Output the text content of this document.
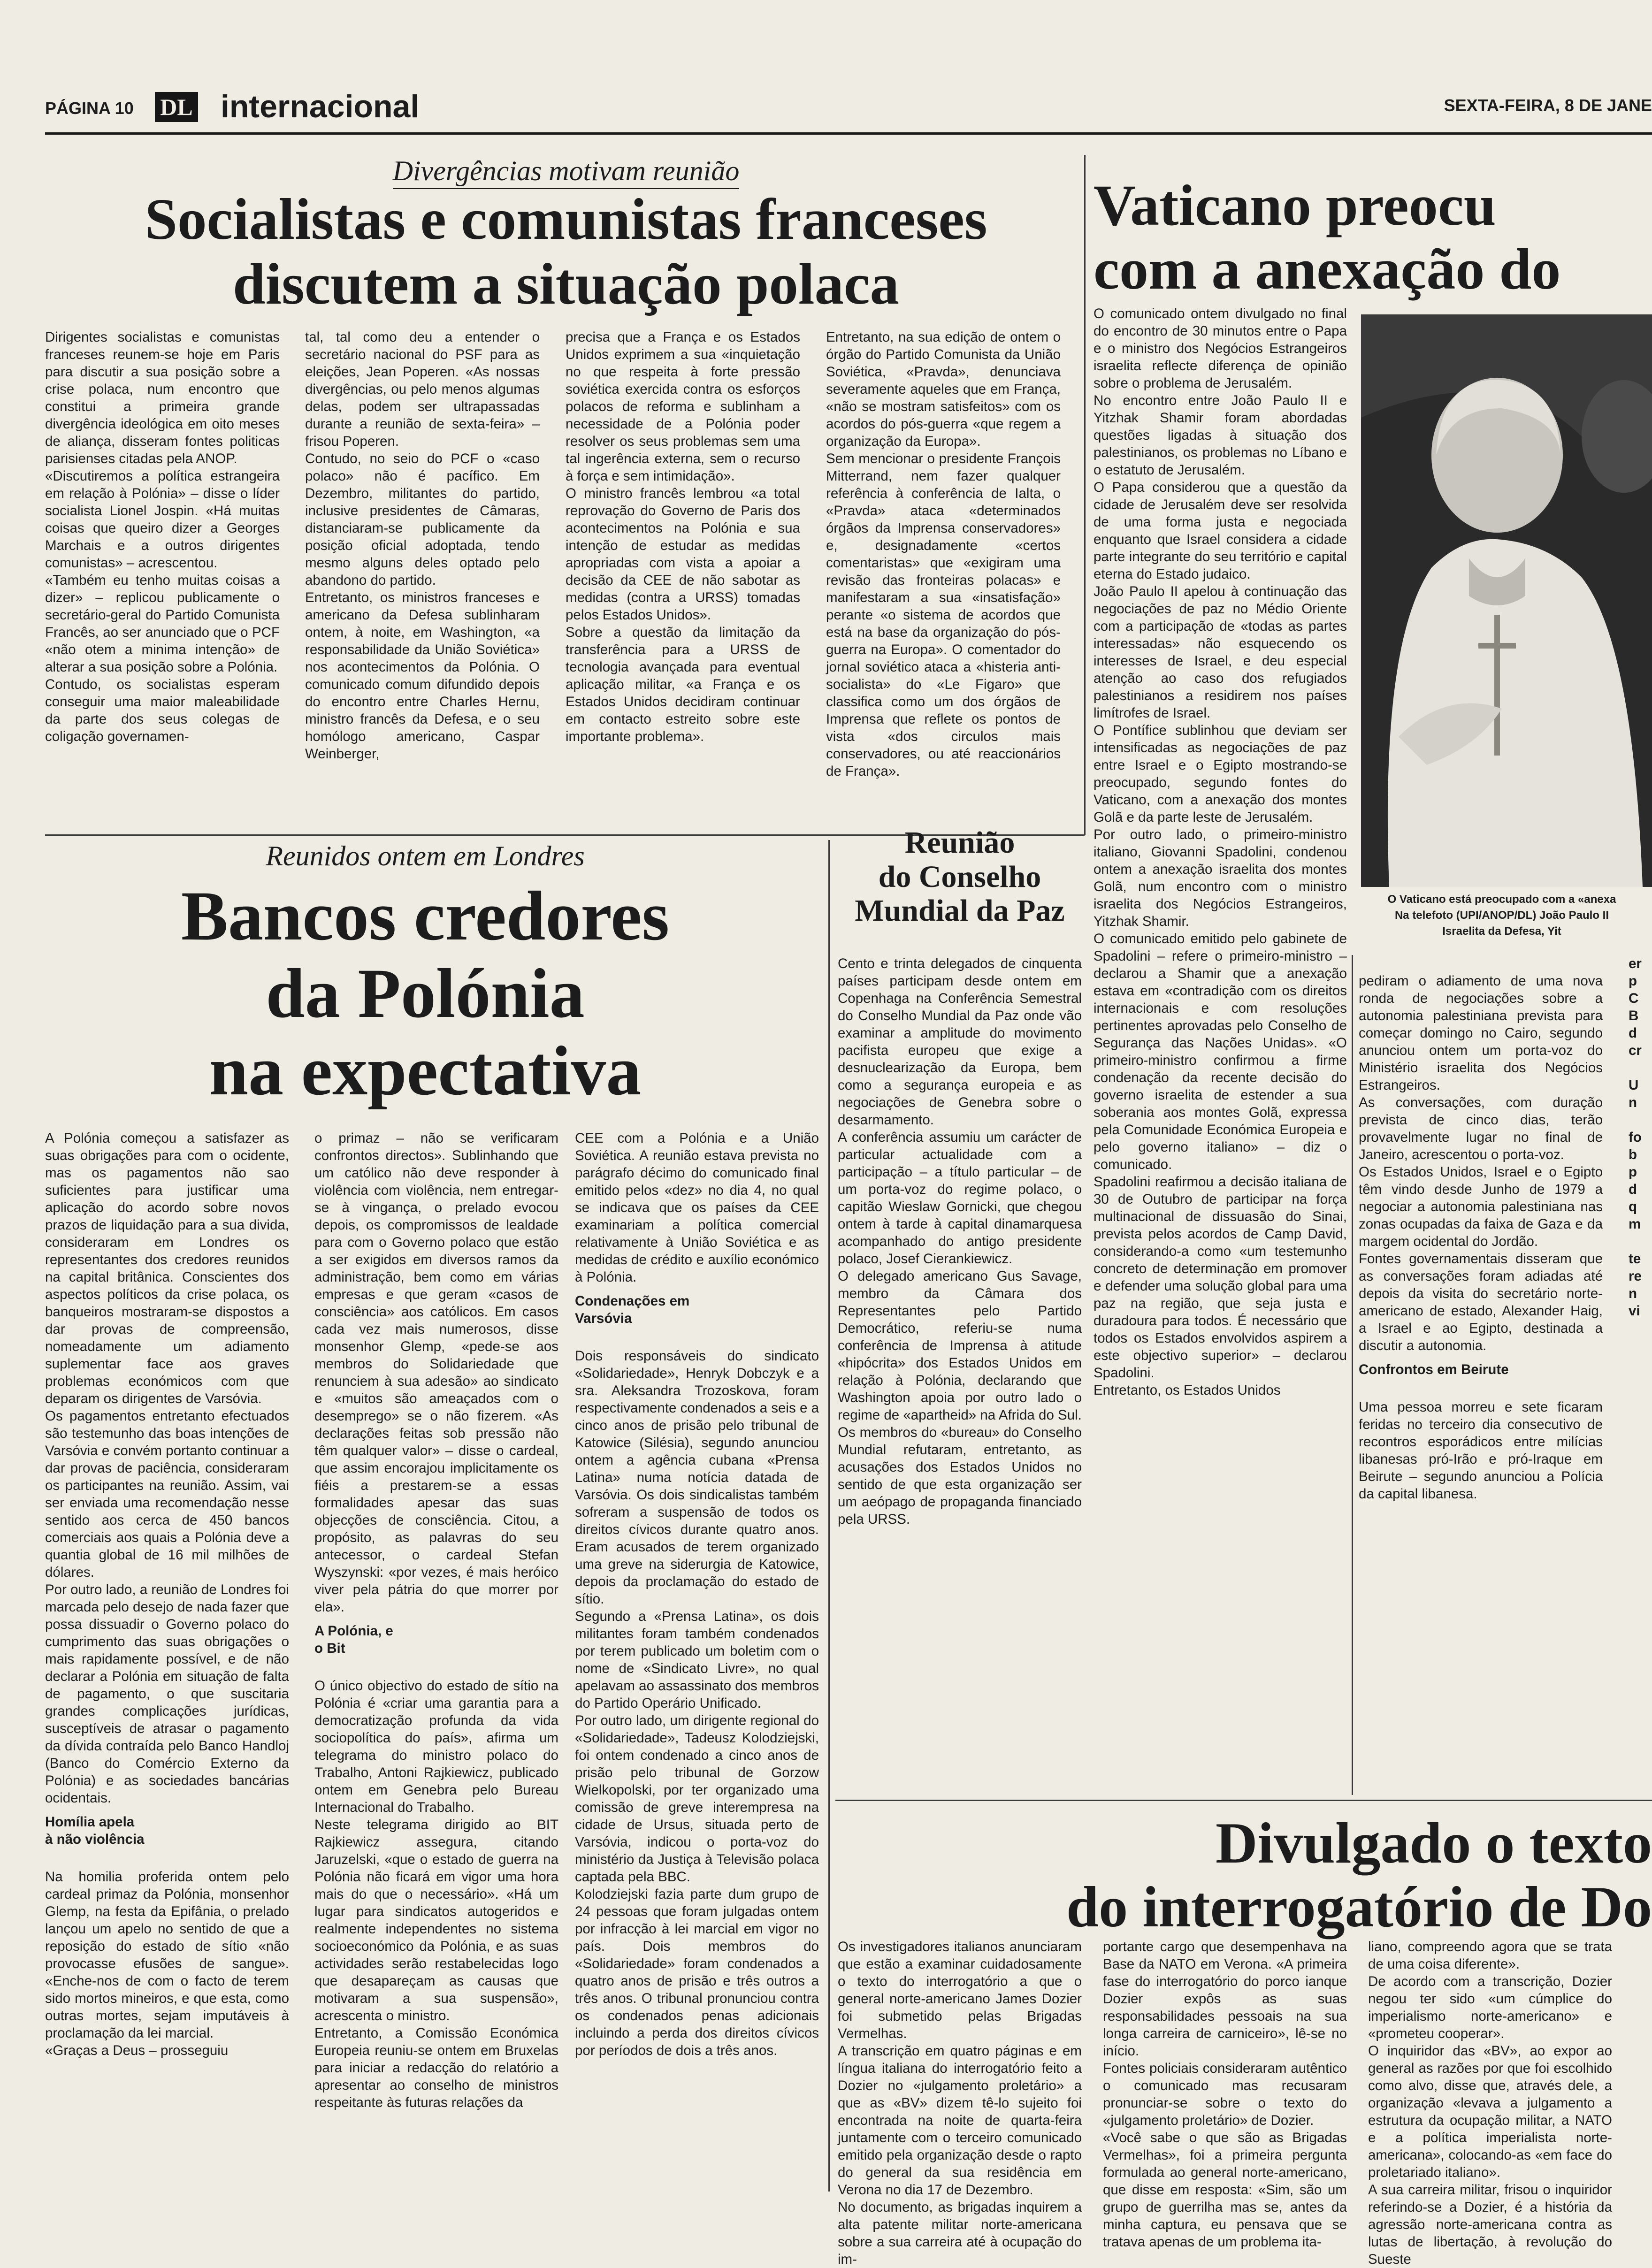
PÁGINA 10 DL internacional	SEXTA-FEIRA, 8 DE JANE
Divergências motivam reunião
Socialistas e comunistas franceses
discutem a situação polaca
Dirigentes socialistas e comunistas franceses reunem-se hoje em Paris para discutir a sua posição sobre a crise polaca, num encontro que constitui a primeira grande divergência ideológica em oito meses de aliança, disseram fontes politicas parisienses citadas pela ANOP.
«Discutiremos a política estrangeira em relação à Polónia» – disse o líder socialista Lionel Jospin. «Há muitas coisas que queiro dizer a Georges Marchais e a outros dirigentes comunistas» – acrescentou.
«Também eu tenho muitas coisas a dizer» – replicou publicamente o secretário-geral do Partido Comunista Francês, ao ser anunciado que o PCF «não otem a minima intenção» de alterar a sua posição sobre a Polónia.
Contudo, os socialistas esperam conseguir uma maior maleabilidade da parte dos seus colegas de coligação governamen-
tal, tal como deu a entender o secretário nacional do PSF para as eleições, Jean Poperen. «As nossas divergências, ou pelo menos algumas delas, podem ser ultrapassadas durante a reunião de sexta-feira» – frisou Poperen.
Contudo, no seio do PCF o «caso polaco» não é pacífico. Em Dezembro, militantes do partido, inclusive presidentes de Câmaras, distanciaram-se publicamente da posição oficial adoptada, tendo mesmo alguns deles optado pelo abandono do partido.
Entretanto, os ministros franceses e americano da Defesa sublinharam ontem, à noite, em Washington, «a responsabilidade da União Soviética» nos acontecimentos da Polónia. O comunicado comum difundido depois do encontro entre Charles Hernu, ministro francês da Defesa, e o seu homólogo americano, Caspar Weinberger,
precisa que a França e os Estados Unidos exprimem a sua «inquietação no que respeita à forte pressão soviética exercida contra os esforços polacos de reforma e sublinham a necessidade de a Polónia poder resolver os seus problemas sem uma tal ingerência externa, sem o recurso à força e sem intimidação».
O ministro francês lembrou «a total reprovação do Governo de Paris dos acontecimentos na Polónia e sua intenção de estudar as medidas apropriadas com vista a apoiar a decisão da CEE de não sabotar as medidas (contra a URSS) tomadas pelos Estados Unidos».
Sobre a questão da limitação da transferência para a URSS de tecnologia avançada para eventual aplicação militar, «a França e os Estados Unidos decidiram continuar em contacto estreito sobre este importante problema».
Entretanto, na sua edição de ontem o órgão do Partido Comunista da União Soviética, «Pravda», denunciava severamente aqueles que em França, «não se mostram satisfeitos» com os acordos do pós-guerra «que regem a organização da Europa».
Sem mencionar o presidente François Mitterrand, nem fazer qualquer referência à conferência de Ialta, o «Pravda» ataca «determinados órgãos da Imprensa conservadores» e, designadamente «certos comentaristas» que «exigiram uma revisão das fronteiras polacas» e manifestaram a sua «insatisfação» perante «o sistema de acordos que está na base da organização do pós-guerra na Europa». O comentador do jornal soviético ataca a «histeria anti-socialista» do «Le Figaro» que classifica como um dos órgãos de Imprensa que reflete os pontos de vista «dos circulos mais conservadores, ou até reaccionários de França».
Reunidos ontem em Londres
Bancos credores
da Polónia
na expectativa

A Polónia começou a satisfazer as suas obrigações para com o ocidente, mas os pagamentos não sao suficientes para justificar uma aplicação do acordo sobre novos prazos de liquidação para a sua divida, consideraram em Londres os representantes dos credores reunidos na capital britânica. Conscientes dos aspectos políticos da crise polaca, os banqueiros mostraram-se dispostos a dar provas de compreensão, nomeadamente um adiamento suplementar face aos graves problemas económicos com que deparam os dirigentes de Varsóvia.
Os pagamentos entretanto efectuados são testemunho das boas intenções de Varsóvia e convém portanto continuar a dar provas de paciência, consideraram os participantes na reunião. Assim, vai ser enviada uma recomendação nesse sentido aos cerca de 450 bancos comerciais aos quais a Polónia deve a quantia global de 16 mil milhões de dólares.
Por outro lado, a reunião de Londres foi marcada pelo desejo de nada fazer que possa dissuadir o Governo polaco do cumprimento das suas obrigações o mais rapidamente possível, e de não declarar a Polónia em situação de falta de pagamento, o que suscitaria grandes complicações jurídicas, susceptíveis de atrasar o pagamento da dívida contraída pelo Banco Handloj (Banco do Comércio Externo da Polónia) e as sociedades bancárias ocidentais.

Homília apela
à não violência

Na homilia proferida ontem pelo cardeal primaz da Polónia, monsenhor Glemp, na festa da Epifânia, o prelado lançou um apelo no sentido de que a reposição do estado de sítio «não provocasse efusões de sangue». «Enche-nos de com o facto de terem sido mortos mineiros, e que esta, como outras mortes, sejam imputáveis à proclamação da lei marcial.
«Graças a Deus – prosseguiu

o primaz – não se verificaram confrontos directos». Sublinhando que um católico não deve responder à violência com violência, nem entregar-se à vingança, o prelado evocou depois, os compromissos de lealdade para com o Governo polaco que estão a ser exigidos em diversos ramos da administração, bem como em várias empresas e que geram «casos de consciência» aos católicos. Em casos cada vez mais numerosos, disse monsenhor Glemp, «pede-se aos membros do Solidariedade que renunciem à sua adesão» ao sindicato e «muitos são ameaçados com o desemprego» se o não fizerem. «As declarações feitas sob pressão não têm qualquer valor» – disse o cardeal, que assim encorajou implicitamente os fiéis a prestarem-se a essas formalidades apesar das suas objecções de consciência. Citou, a propósito, as palavras do seu antecessor, o cardeal Stefan Wyszynski: «por vezes, é mais heróico viver pela pátria do que morrer por ela».

A Polónia, e
o Bit

O único objectivo do estado de sítio na Polónia é «criar uma garantia para a democratização profunda da vida sociopolítica do país», afirma um telegrama do ministro polaco do Trabalho, Antoni Rajkiewicz, publicado ontem em Genebra pelo Bureau Internacional do Trabalho.
Neste telegrama dirigido ao BIT Rajkiewicz assegura, citando Jaruzelski, «que o estado de guerra na Polónia não ficará em vigor uma hora mais do que o necessário». «Há um lugar para sindicatos autogeridos e realmente independentes no sistema socioeconómico da Polónia, e as suas actividades serão restabelecidas logo que desapareçam as causas que motivaram a sua suspensão», acrescenta o ministro.
Entretanto, a Comissão Económica Europeia reuniu-se ontem em Bruxelas para iniciar a redacção do relatório a apresentar ao conselho de ministros respeitante às futuras relações da

CEE com a Polónia e a União Soviética. A reunião estava prevista no parágrafo décimo do comunicado final emitido pelos «dez» no dia 4, no qual se indicava que os países da CEE examinariam a política comercial relativamente à União Soviética e as medidas de crédito e auxílio económico à Polónia.

Condenações em
Varsóvia

Dois responsáveis do sindicato «Solidariedade», Henryk Dobczyk e a sra. Aleksandra Trozoskova, foram respectivamente condenados a seis e a cinco anos de prisão pelo tribunal de Katowice (Silésia), segundo anunciou ontem a agência cubana «Prensa Latina» numa notícia datada de Varsóvia. Os dois sindicalistas também sofreram a suspensão de todos os direitos cívicos durante quatro anos. Eram acusados de terem organizado uma greve na siderurgia de Katowice, depois da proclamação do estado de sítio.
Segundo a «Prensa Latina», os dois militantes foram também condenados por terem publicado um boletim com o nome de «Sindicato Livre», no qual apelavam ao assassinato dos membros do Partido Operário Unificado.
Por outro lado, um dirigente regional do «Solidariedade», Tadeusz Kolodziejski, foi ontem condenado a cinco anos de prisão pelo tribunal de Gorzow Wielkopolski, por ter organizado uma comissão de greve interempresa na cidade de Ursus, situada perto de Varsóvia, indicou o porta-voz do ministério da Justiça à Televisão polaca captada pela BBC.
Kolodziejski fazia parte dum grupo de 24 pessoas que foram julgadas ontem por infracção à lei marcial em vigor no país. Dois membros do «Solidariedade» foram condenados a quatro anos de prisão e três outros a três anos. O tribunal pronunciou contra os condenados penas adicionais incluindo a perda dos direitos cívicos por períodos de dois a três anos.

Reunião
do Conselho
Mundial da Paz
Cento e trinta delegados de cinquenta países participam desde ontem em Copenhaga na Conferência Semestral do Conselho Mundial da Paz onde vão examinar a amplitude do movimento pacifista europeu que exige a desnuclearização da Europa, bem como a segurança europeia e as negociações de Genebra sobre o desarmamento.
A conferência assumiu um carácter de particular actualidade com a participação – a título particular – de um porta-voz do regime polaco, o capitão Wieslaw Gornicki, que chegou ontem à tarde à capital dinamarquesa acompanhado do antigo presidente polaco, Josef Cierankiewicz.
O delegado americano Gus Savage, membro da Câmara dos Representantes pelo Partido Democrático, referiu-se numa conferência de Imprensa à atitude «hipócrita» dos Estados Unidos em relação à Polónia, declarando que Washington apoia por outro lado o regime de «apartheid» na Afrida do Sul.
Os membros do «bureau» do Conselho Mundial refutaram, entretanto, as acusações dos Estados Unidos no sentido de que esta organização ser um aeópago de propaganda financiado pela URSS.
Vaticano preocu
com a anexação do
O comunicado ontem divulgado no final do encontro de 30 minutos entre o Papa e o ministro dos Negócios Estrangeiros israelita reflecte diferença de opinião sobre o problema de Jerusalém.
No encontro entre João Paulo II e Yitzhak Shamir foram abordadas questões ligadas à situação dos palestinianos, os problemas no Líbano e o estatuto de Jerusalém.
O Papa considerou que a questão da cidade de Jerusalém deve ser resolvida de uma forma justa e negociada enquanto que Israel considera a cidade parte integrante do seu território e capital eterna do Estado judaico.
João Paulo II apelou à continuação das negociações de paz no Médio Oriente com a participação de «todas as partes interessadas» não esquecendo os interesses de Israel, e deu especial atenção ao caso dos refugiados palestinianos a residirem nos países limítrofes de Israel.
O Pontífice sublinhou que deviam ser intensificadas as negociações de paz entre Israel e o Egipto mostrando-se preocupado, segundo fontes do Vaticano, com a anexação dos montes Golã e da parte leste de Jerusalém.
Por outro lado, o primeiro-ministro italiano, Giovanni Spadolini, condenou ontem a anexação israelita dos montes Golã, num encontro com o ministro israelita dos Negócios Estrangeiros, Yitzhak Shamir.
O comunicado emitido pelo gabinete de Spadolini – refere o primeiro-ministro – declarou a Shamir que a anexação estava em «contradição com os direitos internacionais e com resoluções pertinentes aprovadas pelo Conselho de Segurança das Nações Unidas». «O primeiro-ministro confirmou a firme condenação da recente decisão do governo israelita de estender a sua soberania aos montes Golã, expressa pela Comunidade Económica Europeia e pelo governo italiano» – diz o comunicado.
Spadolini reafirmou a decisão italiana de 30 de Outubro de participar na força multinacional de dissuasão do Sinai, prevista pelos acordos de Camp David, considerando-a como «um testemunho concreto de determinação em promover e defender uma solução global para uma paz na região, que seja justa e duradoura para todos. É necessário que todos os Estados envolvidos aspirem a este objectivo superior» – declarou Spadolini.
Entretanto, os Estados Unidos
O Vaticano está preocupado com a «anexa
Na telefoto (UPI/ANOP/DL) João Paulo II
Israelita da Defesa, Yit

pediram o adiamento de uma nova ronda de negociações sobre a autonomia palestiniana prevista para começar domingo no Cairo, segundo anunciou ontem um porta-voz do Ministério israelita dos Negócios Estrangeiros.
As conversações, com duração prevista de cinco dias, terão provavelmente lugar no final de Janeiro, acrescentou o porta-voz.
Os Estados Unidos, Israel e o Egipto têm vindo desde Junho de 1979 a negociar a autonomia palestiniana nas zonas ocupadas da faixa de Gaza e da margem ocidental do Jordão.
Fontes governamentais disseram que as conversações foram adiadas até depois da visita do secretário norte-americano de estado, Alexander Haig, a Israel e ao Egipto, destinada a discutir a autonomia.

Confrontos em Beirute

Uma pessoa morreu e sete ficaram feridas no terceiro dia consecutivo de recontros esporádicos entre milícias libanesas pró-Irão e pró-Iraque em Beirute – segundo anunciou a Polícia da capital libanesa.

er
p
C
B
d
cr

U
n

fo
b
p
d
q
m

te
re
n
vi
Divulgado o texto
do interrogatório de Do
Os investigadores italianos anunciaram que estão a examinar cuidadosamente o texto do interrogatório a que o general norte-americano James Dozier foi submetido pelas Brigadas Vermelhas.
A transcrição em quatro páginas e em língua italiana do interrogatório feito a Dozier no «julgamento proletário» a que as «BV» dizem tê-lo sujeito foi encontrada na noite de quarta-feira juntamente com o terceiro comunicado emitido pela organização desde o rapto do general da sua residência em Verona no dia 17 de Dezembro.
No documento, as brigadas inquirem a alta patente militar norte-americana sobre a sua carreira até à ocupação do im-
portante cargo que desempenhava na Base da NATO em Verona. «A primeira fase do interrogatório do porco ianque Dozier expôs as suas responsabilidades pessoais na sua longa carreira de carniceiro», lê-se no início.
Fontes policiais consideraram autêntico o comunicado mas recusaram pronunciar-se sobre o texto do «julgamento proletário» de Dozier.
«Você sabe o que são as Brigadas Vermelhas», foi a primeira pergunta formulada ao general norte-americano, que disse em resposta: «Sim, são um grupo de guerrilha mas se, antes da minha captura, eu pensava que se tratava apenas de um problema ita-
liano, compreendo agora que se trata de uma coisa diferente».
De acordo com a transcrição, Dozier negou ter sido «um cúmplice do imperialismo norte-americano» e «prometeu cooperar».
O inquiridor das «BV», ao expor ao general as razões por que foi escolhido como alvo, disse que, através dele, a organização «levava a julgamento a estrutura da ocupação militar, a NATO e a política imperialista norte-americana», colocando-as «em face do proletariado italiano».
A sua carreira militar, frisou o inquiridor referindo-se a Dozier, é a história da agressão norte-americana contra as lutas de libertação, à revolução do Sueste
